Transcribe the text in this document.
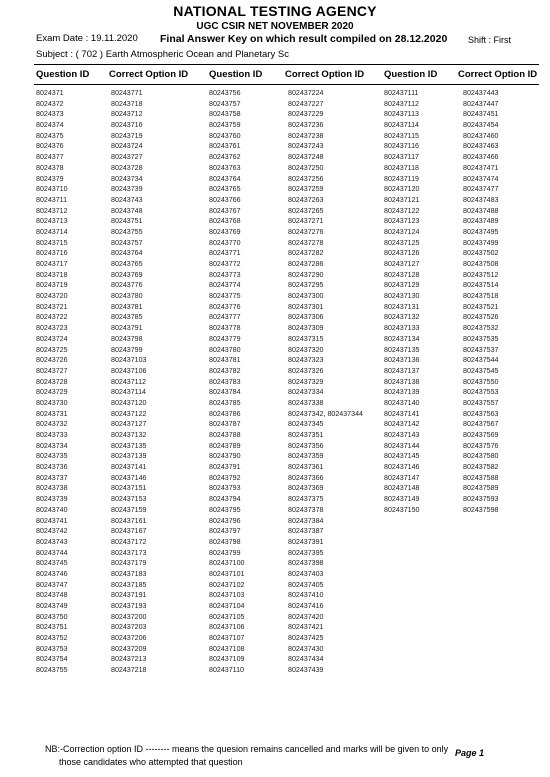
NATIONAL TESTING AGENCY
UGC CSIR NET NOVEMBER 2020
Exam Date : 19.11.2020 Final Answer Key on which result compiled on 28.12.2020 Shift : First
Subject : ( 702 ) Earth Atmospheric Ocean and Planetary Sc
Question ID Correct Option ID Question ID Correct Option ID Question ID Correct Option ID
8024371	80243771	80243756	802437224	802437111	802437443
8024372	80243718	80243757	802437227	802437112	802437447
8024373	80243712	80243758	802437229	802437113	802437451
8024374	80243716	80243759	802437236	802437114	802437454
8024375	80243719	80243760	802437238	802437115	802437460
8024376	80243724	80243761	802437243	802437116	802437463
8024377	80243727	80243762	802437248	802437117	802437466
8024378	80243728	80243763	802437250	802437118	802437471
8024379	80243734	80243764	802437256	802437119	802437474
80243710	80243739	80243765	802437259	802437120	802437477
80243711	80243743	80243766	802437263	802437121	802437483
80243712	80243748	80243767	802437265	802437122	802437488
80243713	80243751	80243768	802437271	802437123	802437489
80243714	80243755	80243769	802437276	802437124	802437495
80243715	80243757	80243770	802437278	802437125	802437499
80243716	80243764	80243771	802437282	802437126	802437502
80243717	80243765	80243772	802437286	802437127	802437508
80243718	80243769	80243773	802437290	802437128	802437512
80243719	80243776	80243774	802437295	802437129	802437514
80243720	80243780	80243775	802437300	802437130	802437518
80243721	80243781	80243776	802437301	802437131	802437521
80243722	80243785	80243777	802437306	802437132	802437526
80243723	80243791	80243778	802437309	802437133	802437532
80243724	80243798	80243779	802437315	802437134	802437535
80243725	80243799	80243780	802437320	802437135	802437537
80243726	802437103	80243781	802437323	802437136	802437544
80243727	802437106	80243782	802437326	802437137	802437545
80243728	802437112	80243783	802437329	802437138	802437550
80243729	802437114	80243784	802437334	802437139	802437553
80243730	802437120	80243785	802437338	802437140	802437557
80243731	802437122	80243786	802437342, 802437344	802437141	802437563
80243732	802437127	80243787	802437345	802437142	802437567
80243733	802437132	80243788	802437351	802437143	802437569
80243734	802437135	80243789	802437356	802437144	802437576
80243735	802437139	80243790	802437359	802437145	802437580
80243736	802437141	80243791	802437361	802437146	802437582
80243737	802437146	80243792	802437366	802437147	802437588
80243738	802437151	80243793	802437369	802437148	802437589
80243739	802437153	80243794	802437375	802437149	802437593
80243740	802437159	80243795	802437378	802437150	802437598
80243741	802437161	80243796	802437384
80243742	802437167	80243797	802437387
80243743	802437172	80243798	802437391
80243744	802437173	80243799	802437395
80243745	802437179	802437100	802437398
80243746	802437183	802437101	802437403
80243747	802437185	802437102	802437405
80243748	802437191	802437103	802437410
80243749	802437193	802437104	802437416
80243750	802437200	802437105	802437420
80243751	802437203	802437106	802437421
80243752	802437206	802437107	802437425
80243753	802437209	802437108	802437430
80243754	802437213	802437109	802437434
80243755	802437218	802437110	802437439
NB:-Correction option ID -------- means the quesion remains cancelled and marks will be given to only
those candidates who attempted that question
Page 1
